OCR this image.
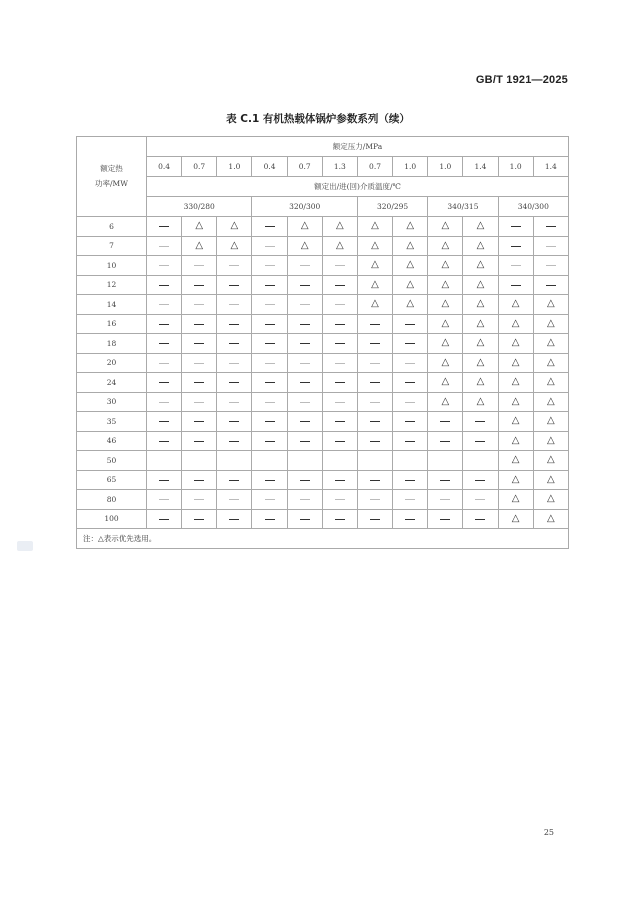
GB/T 1921—2025
表 C.1 有机热载体锅炉参数系列（续）
额定热
功率/MW	额定压力/MPa											
	0.4	0.7	1.0	0.4	0.7	1.3	0.7	1.0	1.0	1.4	1.0	1.4
	额定出/进(回)介质温度/℃											
	330/280			320/300			320/295		340/315		340/300	
6		△	△		△	△	△	△	△	△		
7		△	△		△	△	△	△	△	△		
10							△	△	△	△		
12							△	△	△	△		
14							△	△	△	△	△	△
16									△	△	△	△
18									△	△	△	△
20									△	△	△	△
24									△	△	△	△
30									△	△	△	△
35											△	△
46											△	△
50											△	△
65											△	△
80											△	△
100											△	△
注：△表示优先选用。												
25
